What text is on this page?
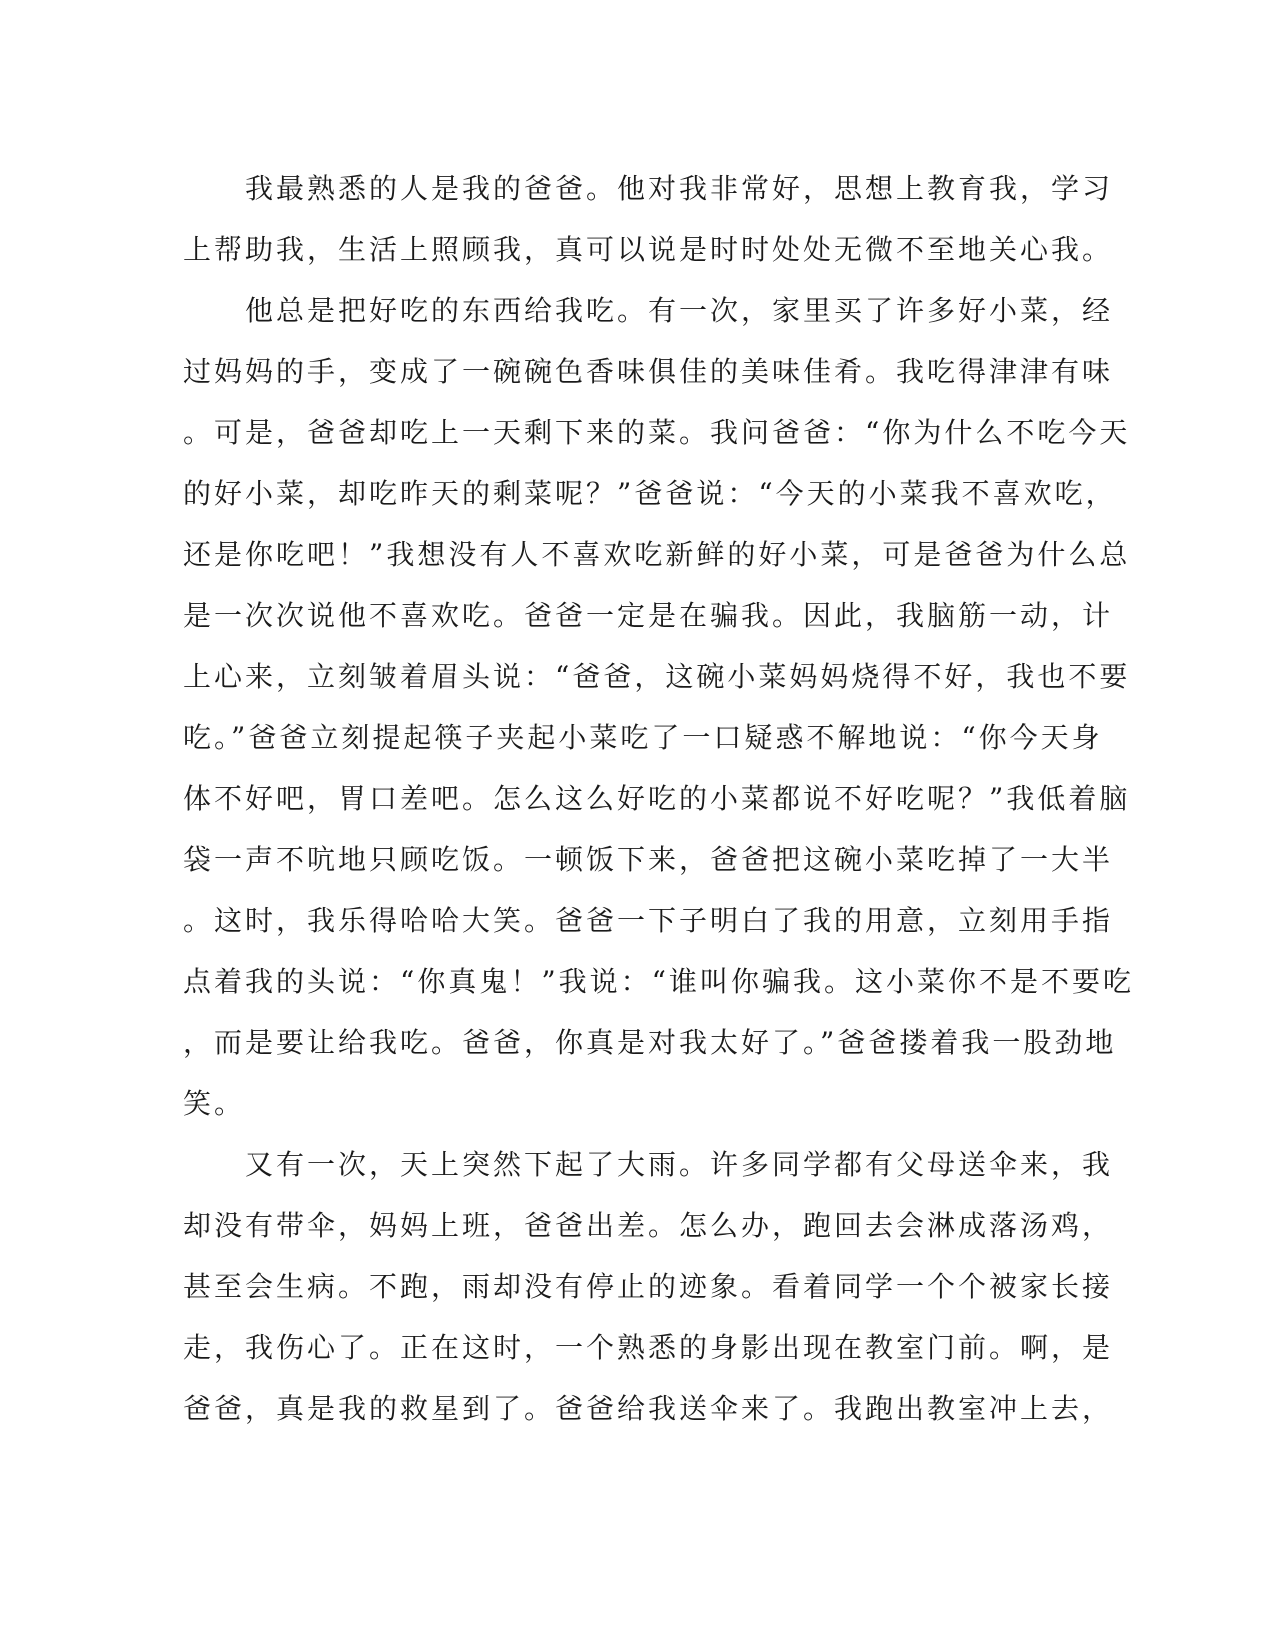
　　我最熟悉的人是我的爸爸。他对我非常好，思想上教育我，学习
上帮助我，生活上照顾我，真可以说是时时处处无微不至地关心我。
　　他总是把好吃的东西给我吃。有一次，家里买了许多好小菜，经
过妈妈的手，变成了一碗碗色香味俱佳的美味佳肴。我吃得津津有味
。可是，爸爸却吃上一天剩下来的菜。我问爸爸：“你为什么不吃今天
的好小菜，却吃昨天的剩菜呢？”爸爸说：“今天的小菜我不喜欢吃，
还是你吃吧！”我想没有人不喜欢吃新鲜的好小菜，可是爸爸为什么总
是一次次说他不喜欢吃。爸爸一定是在骗我。因此，我脑筋一动，计
上心来，立刻皱着眉头说：“爸爸，这碗小菜妈妈烧得不好，我也不要
吃。”爸爸立刻提起筷子夹起小菜吃了一口疑惑不解地说：“你今天身
体不好吧，胃口差吧。怎么这么好吃的小菜都说不好吃呢？”我低着脑
袋一声不吭地只顾吃饭。一顿饭下来，爸爸把这碗小菜吃掉了一大半
。这时，我乐得哈哈大笑。爸爸一下子明白了我的用意，立刻用手指
点着我的头说：“你真鬼！”我说：“谁叫你骗我。这小菜你不是不要吃
，而是要让给我吃。爸爸，你真是对我太好了。”爸爸搂着我一股劲地
笑。
　　又有一次，天上突然下起了大雨。许多同学都有父母送伞来，我
却没有带伞，妈妈上班，爸爸出差。怎么办，跑回去会淋成落汤鸡，
甚至会生病。不跑，雨却没有停止的迹象。看着同学一个个被家长接
走，我伤心了。正在这时，一个熟悉的身影出现在教室门前。啊，是
爸爸，真是我的救星到了。爸爸给我送伞来了。我跑出教室冲上去，
